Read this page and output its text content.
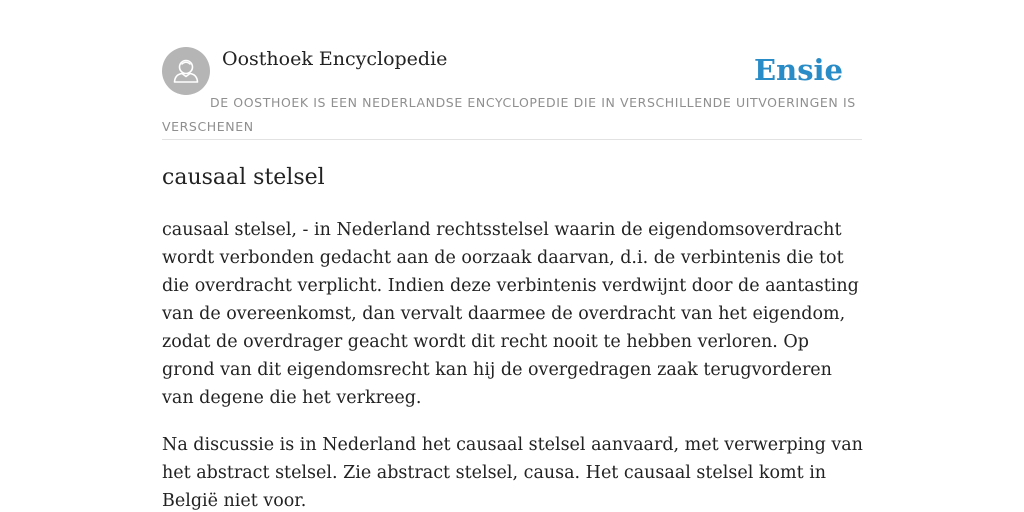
Oosthoek Encyclopedie	Ensie
DE OOSTHOEK IS EEN NEDERLANDSE ENCYCLOPEDIE DIE IN VERSCHILLENDE UITVOERINGEN IS VERSCHENEN
causaal stelsel

causaal stelsel, - in Nederland rechtsstelsel waarin de eigendomsoverdracht wordt verbonden gedacht aan de oorzaak daarvan, d.i. de verbintenis die tot die overdracht verplicht. Indien deze verbintenis verdwijnt door de aantasting van de overeenkomst, dan vervalt daarmee de overdracht van het eigendom, zodat de overdrager geacht wordt dit recht nooit te hebben verloren. Op grond van dit eigendomsrecht kan hij de overgedragen zaak terugvorderen van degene die het verkreeg.

Na discussie is in Nederland het causaal stelsel aanvaard, met verwerping van het abstract stelsel. Zie abstract stelsel, causa. Het causaal stelsel komt in België niet voor.
